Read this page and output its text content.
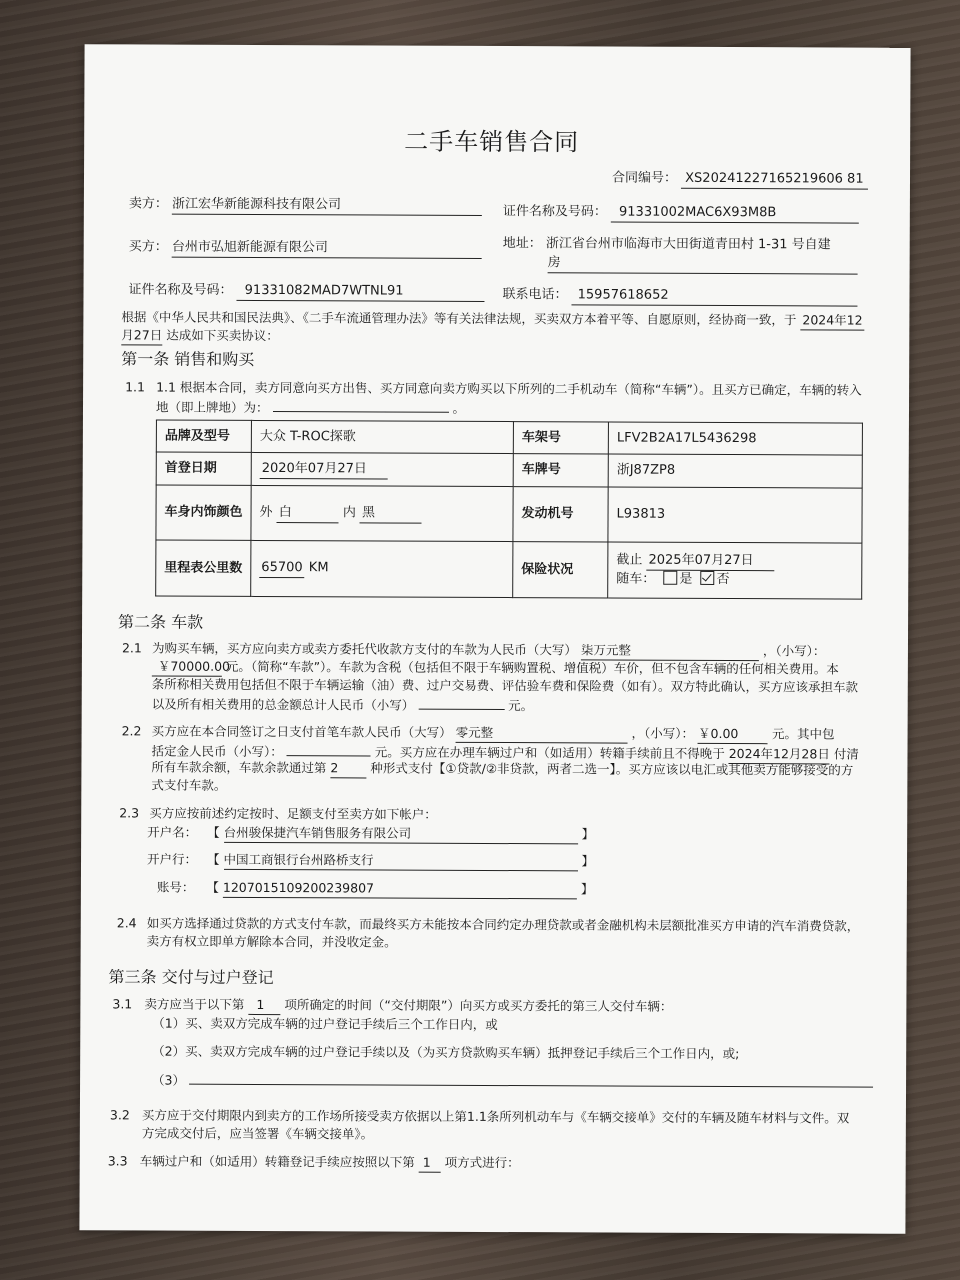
二手车销售合同
合同编号： XS20241227165219606 81
卖方： 浙江宏华新能源科技有限公司	证件名称及号码： 91331002MAC6X93M8B
买方： 台州市弘旭新能源有限公司	地址： 浙江省台州市临海市大田街道青田村 1-31 号自建
房
证件名称及号码： 91331082MAD7WTNL91	联系电话： 15957618652
根据《中华人民共和国民法典》、《二手车流通管理办法》等有关法律法规，买卖双方本着平等、自愿原则，经协商一致，于 2024年12
月27日 达成如下买卖协议：
第一条 销售和购买
1.1 1.1 根据本合同，卖方同意向买方出售、买方同意向卖方购买以下所列的二手机动车（简称“车辆”）。且买方已确定，车辆的转入
地（即上牌地）为：	。
品牌及型号	大众 T-ROC探歌	车架号	LFV2B2A17L5436298
首登日期	2020年07月27日	车牌号	浙J87ZP8
车身内饰颜色	外 白 内 黑	发动机号	L93813
里程表公里数	65700 KM	保险状况	截止 2025年07月27日
随车： 是 否
第二条 车款
2.1 为购买车辆，买方应向卖方或卖方委托代收款方支付的车款为人民币（大写） 柒万元整	，（小写）：
￥70000.00 元。（简称“车款”）。车款为含税（包括但不限于车辆购置税、增值税）车价，但不包含车辆的任何相关费用。本
条所称相关费用包括但不限于车辆运输（油）费、过户交易费、评估验车费和保险费（如有）。双方特此确认，买方应该承担车款
以及所有相关费用的总金额总计人民币（小写）	元。
2.2 买方应在本合同签订之日支付首笔车款人民币（大写） 零元整	，（小写）： ￥0.00	元。其中包
括定金人民币（小写）：	元。买方应在办理车辆过户和（如适用）转籍手续前且不得晚于 2024年12月28日 付清
所有车款余额，车款余款通过第 2	种形式支付【①贷款/②非贷款，两者二选一】。买方应该以电汇或其他卖方能够接受的方
式支付车款。
2.3 买方应按前述约定按时、足额支付至卖方如下帐户：
开户名： 【 台州骏保捷汽车销售服务有限公司	】
开户行： 【 中国工商银行台州路桥支行	】
账号： 【 1207015109200239807	】
2.4 如买方选择通过贷款的方式支付车款，而最终买方未能按本合同约定办理贷款或者金融机构未层额批准买方申请的汽车消费贷款，
卖方有权立即单方解除本合同，并没收定金。
第三条 交付与过户登记
3.1 卖方应当于以下第 1 项所确定的时间（“交付期限”）向买方或买方委托的第三人交付车辆：
（1）买、卖双方完成车辆的过户登记手续后三个工作日内，或
（2）买、卖双方完成车辆的过户登记手续以及（为买方贷款购买车辆）抵押登记手续后三个工作日内，或;
（3）
3.2 买方应于交付期限内到卖方的工作场所接受卖方依据以上第1.1条所列机动车与《车辆交接单》交付的车辆及随车材料与文件。双
方完成交付后，应当签署《车辆交接单》。
3.3 车辆过户和（如适用）转籍登记手续应按照以下第 1 项方式进行：
